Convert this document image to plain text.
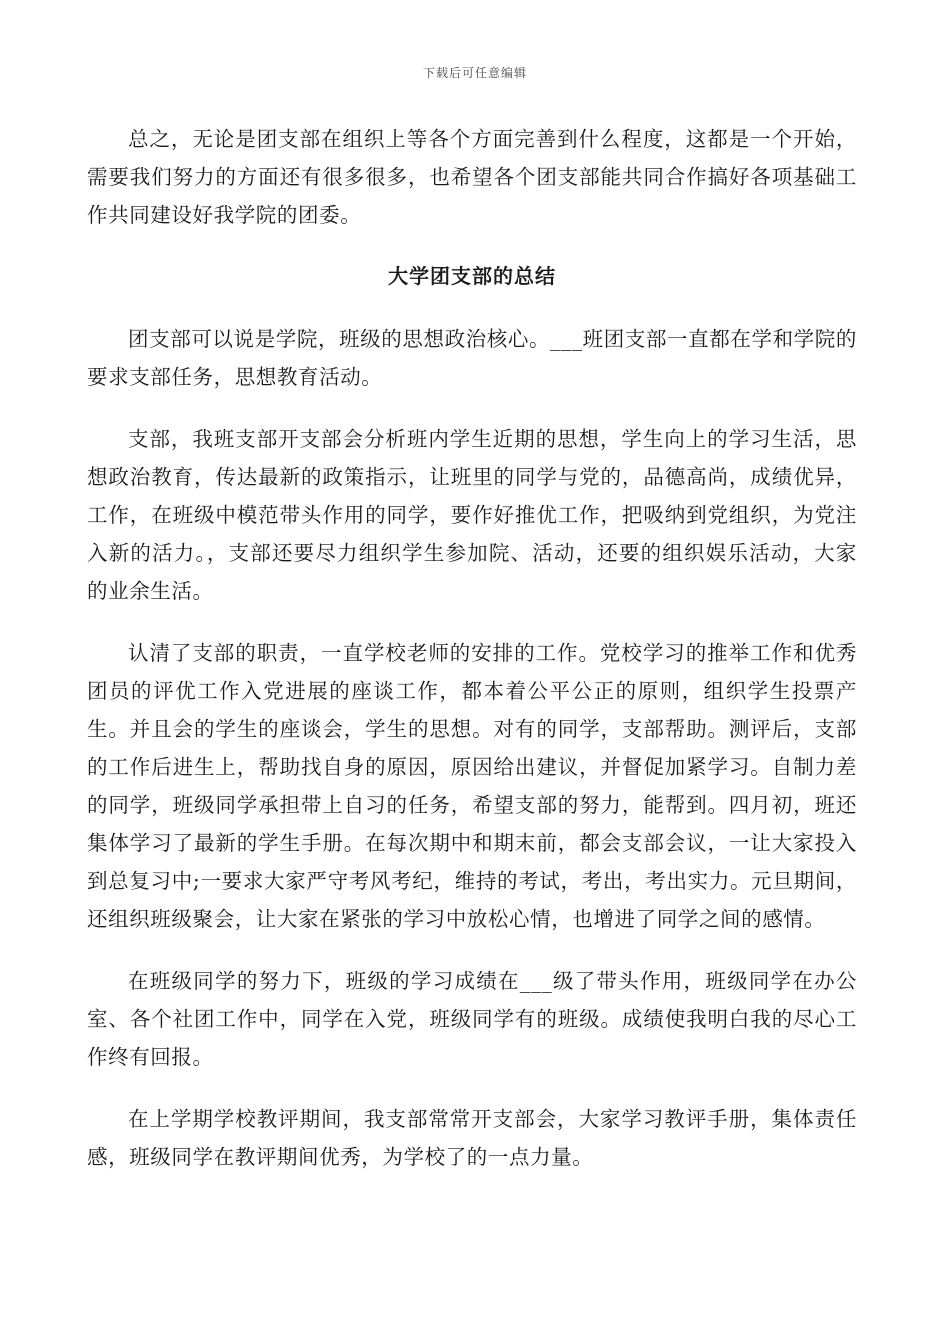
下载后可任意编辑

总之，无论是团支部在组织上等各个方面完善到什么程度，这都是一个开始，需要我们努力的方面还有很多很多，也希望各个团支部能共同合作搞好各项基础工作共同建设好我学院的团委。

大学团支部的总结

团支部可以说是学院，班级的思想政治核心。___班团支部一直都在学和学院的要求支部任务，思想教育活动。

支部，我班支部开支部会分析班内学生近期的思想，学生向上的学习生活，思想政治教育，传达最新的政策指示，让班里的同学与党的，品德高尚，成绩优异，工作，在班级中模范带头作用的同学，要作好推优工作，把吸纳到党组织，为党注入新的活力。，支部还要尽力组织学生参加院、活动，还要的组织娱乐活动，大家的业余生活。

认清了支部的职责，一直学校老师的安排的工作。党校学习的推举工作和优秀团员的评优工作入党进展的座谈工作，都本着公平公正的原则，组织学生投票产生。并且会的学生的座谈会，学生的思想。对有的同学，支部帮助。测评后，支部的工作后进生上，帮助找自身的原因，原因给出建议，并督促加紧学习。自制力差的同学，班级同学承担带上自习的任务，希望支部的努力，能帮到。四月初，班还集体学习了最新的学生手册。在每次期中和期末前，都会支部会议，一让大家投入到总复习中;一要求大家严守考风考纪，维持的考试，考出，考出实力。元旦期间，还组织班级聚会，让大家在紧张的学习中放松心情，也增进了同学之间的感情。

在班级同学的努力下，班级的学习成绩在___级了带头作用，班级同学在办公室、各个社团工作中，同学在入党，班级同学有的班级。成绩使我明白我的尽心工作终有回报。

在上学期学校教评期间，我支部常常开支部会，大家学习教评手册，集体责任感，班级同学在教评期间优秀，为学校了的一点力量。
